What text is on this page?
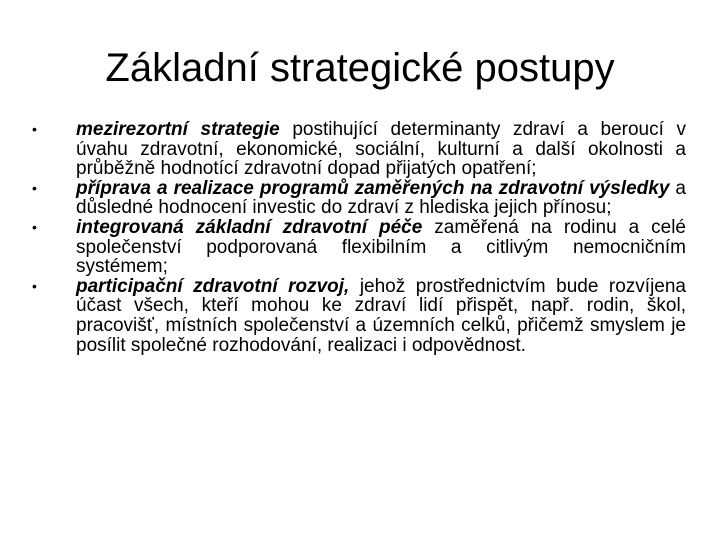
Základní strategické postupy
• mezirezortní strategie postihující determinanty zdraví a beroucí v úvahu zdravotní, ekonomické, sociální, kulturní a další okolnosti a průběžně hodnotící zdravotní dopad přijatých opatření;
• příprava a realizace programů zaměřených na zdravotní výsledky a důsledné hodnocení investic do zdraví z hlediska jejich přínosu;
• integrovaná základní zdravotní péče zaměřená na rodinu a celé společenství podporovaná flexibilním a citlivým nemocničním systémem;
• participační zdravotní rozvoj, jehož prostřednictvím bude rozvíjena účast všech, kteří mohou ke zdraví lidí přispět, např. rodin, škol, pracovišť, místních společenství a územních celků, přičemž smyslem je posílit společné rozhodování, realizaci i odpovědnost.
